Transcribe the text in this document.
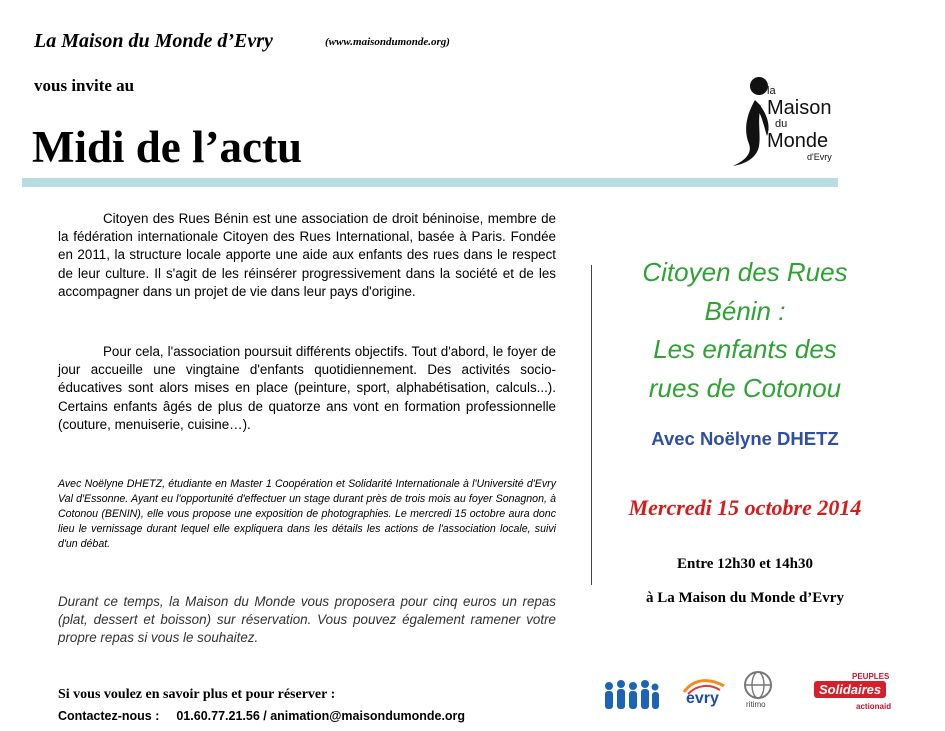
La Maison du Monde d’Evry	(www.maisondumonde.org)
vous invite au
Midi de l’actu
la
Maison
du
Monde
d'Evry

Citoyen des Rues Bénin est une association de droit béninoise, membre de la fédération internationale Citoyen des Rues International, basée à Paris. Fondée en 2011, la structure locale apporte une aide aux enfants des rues dans le respect de leur culture. Il s'agit de les réinsérer progressivement dans la société et de les accompagner dans un projet de vie dans leur pays d'origine.

Pour cela, l'association poursuit différents objectifs. Tout d'abord, le foyer de jour accueille une vingtaine d'enfants quotidiennement. Des activités socio-éducatives sont alors mises en place (peinture, sport, alphabétisation, calculs...). Certains enfants âgés de plus de quatorze ans vont en formation professionnelle (couture, menuiserie, cuisine…).

Avec Noëlyne DHETZ, étudiante en Master 1 Coopération et Solidarité Internationale à l'Université d'Evry Val d'Essonne. Ayant eu l'opportunité d'effectuer un stage durant près de trois mois au foyer Sonagnon, à Cotonou (BENIN), elle vous propose une exposition de photographies. Le mercredi 15 octobre aura donc lieu le vernissage durant lequel elle expliquera dans les détails les actions de l'association locale, suivi d'un débat.

Durant ce temps, la Maison du Monde vous proposera pour cinq euros un repas (plat, dessert et boisson) sur réservation. Vous pouvez également ramener votre propre repas si vous le souhaitez.

Citoyen des Rues
Bénin :
Les enfants des
rues de Cotonou
Avec Noëlyne DHETZ
Mercredi 15 octobre 2014
Entre 12h30 et 14h30
à La Maison du Monde d’Evry
Si vous voulez en savoir plus et pour réserver :
Contactez-nous : 01.60.77.21.56 / animation@maisondumonde.org
evry	ritimo
PEUPLES
Solidaires
actionaid
